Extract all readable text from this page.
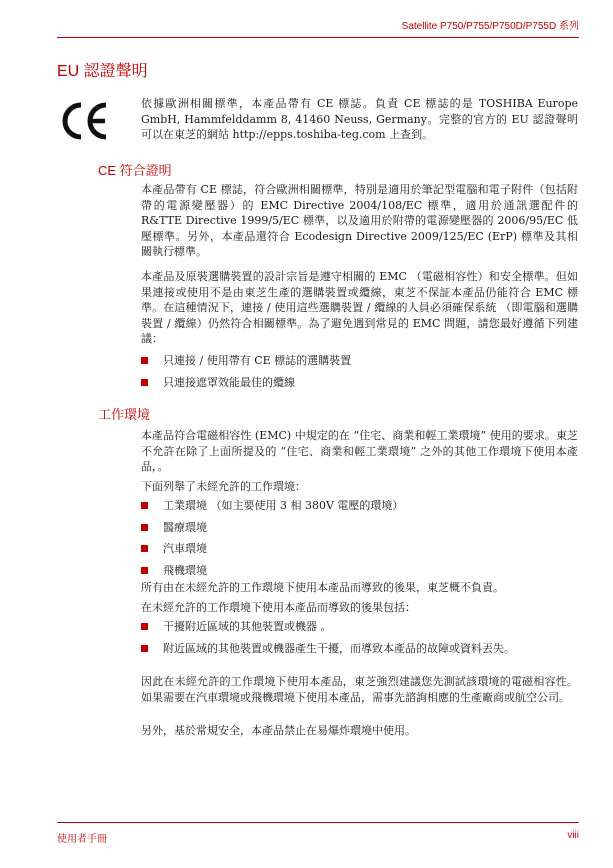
Satellite P750/P755/P750D/P755D 系列
EU 認證聲明

依據歐洲相關標準，本產品帶有 CE 標誌。負責 CE 標誌的是 TOSHIBA Europe GmbH, Hammfelddamm 8, 41460 Neuss, Germany。完整的官方的 EU 認證聲明可以在東芝的網站 http://epps.toshiba-teg.com 上查到。

CE 符合證明

本產品帶有 CE 標誌，符合歐洲相關標準，特別是適用於筆記型電腦和電子附件（包括附帶的電源變壓器）的 EMC Directive 2004/108/EC 標準，適用於通訊選配件的 R&TTE Directive 1999/5/EC 標準，以及適用於附帶的電源變壓器的 2006/95/EC 低壓標準。另外，本產品還符合 Ecodesign Directive 2009/125/EC (ErP) 標準及其相關執行標準。

本產品及原裝選購裝置的設計宗旨是遵守相關的 EMC （電磁相容性）和安全標準。但如果連接或使用不是由東芝生產的選購裝置或纜線，東芝不保証本產品仍能符合 EMC 標準。在這種情況下，連接 / 使用這些選購裝置 / 纜線的人員必須確保系統 （即電腦和選購裝置 / 纜線）仍然符合相關標準。為了避免遇到常見的 EMC 問題，請您最好遵循下列建議：

只連接 / 使用帶有 CE 標誌的選購裝置
只連接遮罩效能最佳的纜線
工作環境

本產品符合電磁相容性 (EMC) 中規定的在 “住宅、商業和輕工業環境” 使用的要求。東芝不允許在除了上面所提及的 “住宅、商業和輕工業環境” 之外的其他工作環境下使用本產品，。

下面列舉了未經允許的工作環境：

工業環境 （如主要使用 3 相 380V 電壓的環境）
醫療環境
汽車環境
飛機環境

所有由在未經允許的工作環境下使用本產品而導致的後果，東芝概不負責。

在未經允許的工作環境下使用本產品而導致的後果包括：

干擾附近區域的其他裝置或機器 。
附近區域的其他裝置或機器產生干擾，而導致本產品的故障或資料丟失。

因此在未經允許的工作環境下使用本產品，東芝強烈建議您先測試該環境的電磁相容性。如果需要在汽車環境或飛機環境下使用本產品，需事先諮詢相應的生產廠商或航空公司。

另外，基於常規安全，本產品禁止在易爆炸環境中使用。

使用者手冊	viii
